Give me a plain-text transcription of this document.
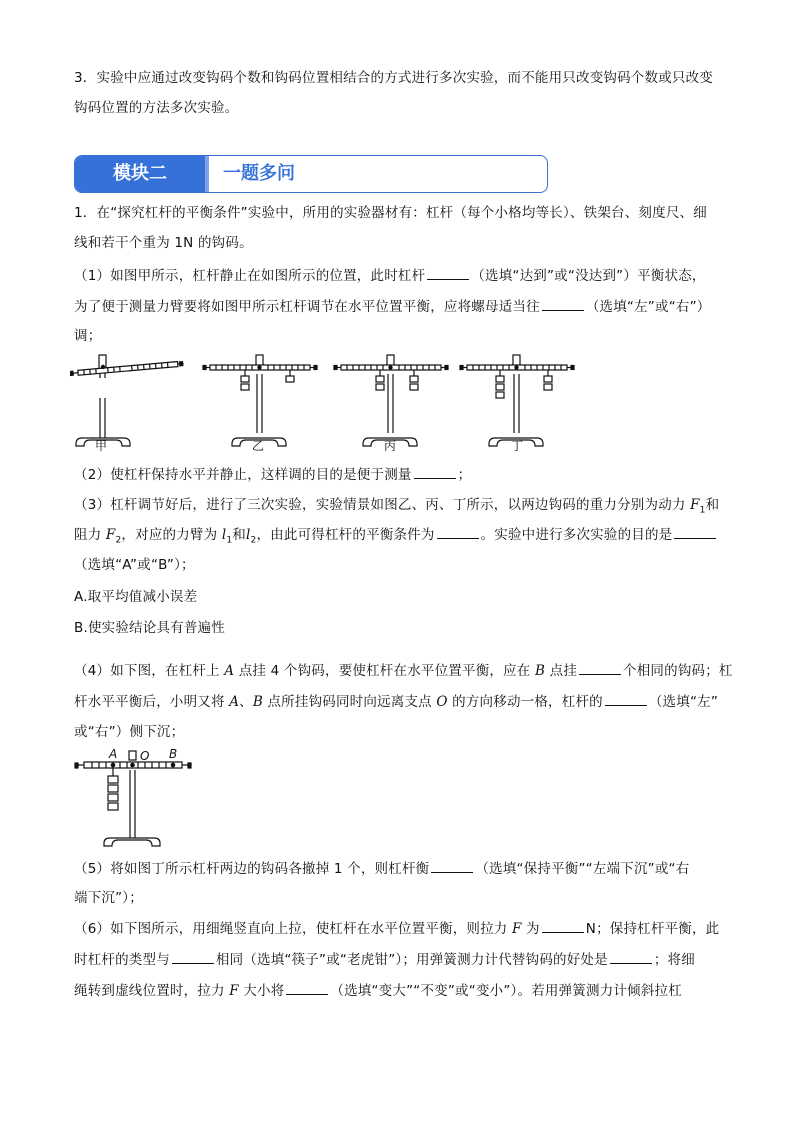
3．实验中应通过改变钩码个数和钩码位置相结合的方式进行多次实验，而不能用只改变钩码个数或只改变

钩码位置的方法多次实验。

模块二	一题多问

1．在“探究杠杆的平衡条件”实验中，所用的实验器材有：杠杆（每个小格均等长）、铁架台、刻度尺、细

线和若干个重为 1N 的钩码。

（1）如图甲所示，杠杆静止在如图所示的位置，此时杠杆	（选填“达到”或“没达到”）平衡状态，

为了便于测量力臂要将如图甲所示杠杆调节在水平位置平衡，应将螺母适当往	（选填“左”或“右”）

调；

甲	乙	丙	丁

（2）使杠杆保持水平并静止，这样调的目的是便于测量	；

（3）杠杆调节好后，进行了三次实验，实验情景如图乙、丙、丁所示，以两边钩码的重力分别为动力 $F_1$和

阻力 $F_2$，对应的力臂为 $l_1$和$l_2$，由此可得杠杆的平衡条件为	。实验中进行多次实验的目的是

（选填“A”或“B”）；

A.取平均值减小误差

B.使实验结论具有普遍性

（4）如下图，在杠杆上 A 点挂 4 个钩码，要使杠杆在水平位置平衡，应在 B 点挂	个相同的钩码；杠

杆水平平衡后，小明又将 A、B 点所挂钩码同时向远离支点 O 的方向移动一格，杠杆的	（选填“左”

或“右”）侧下沉；

A O B

（5）将如图丁所示杠杆两边的钩码各撤掉 1 个，则杠杆衡	（选填“保持平衡”“左端下沉”或“右

端下沉”）；

（6）如下图所示，用细绳竖直向上拉，使杠杆在水平位置平衡，则拉力 F 为	N；保持杠杆平衡，此

时杠杆的类型与	相同（选填“筷子”或“老虎钳”）；用弹簧测力计代替钩码的好处是	；将细

绳转到虚线位置时，拉力 F 大小将	（选填“变大”“不变”或“变小”）。若用弹簧测力计倾斜拉杠
